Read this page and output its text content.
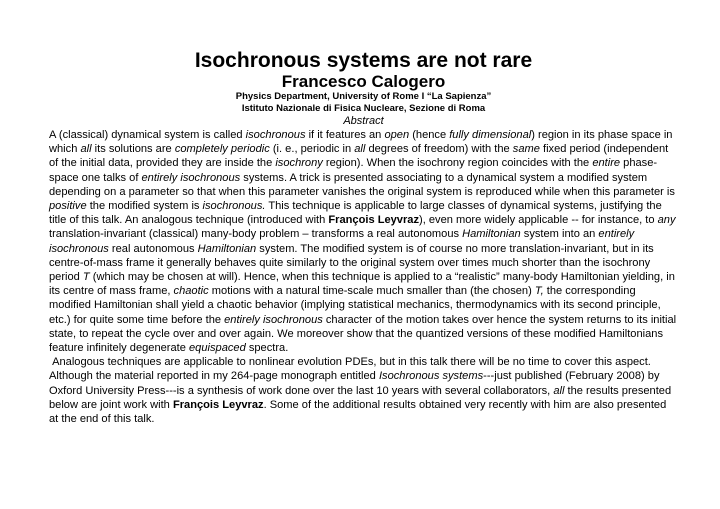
Isochronous systems are not rare
Francesco Calogero
Physics Department, University of Rome I “La Sapienza”
Istituto Nazionale di Fisica Nucleare, Sezione di Roma
Abstract

A (classical) dynamical system is called isochronous if it features an open (hence fully dimensional) region in its phase space in which all its solutions are completely periodic (i. e., periodic in all degrees of freedom) with the same fixed period (independent of the initial data, provided they are inside the isochrony region). When the isochrony region coincides with the entire phase-space one talks of entirely isochronous systems. A trick is presented associating to a dynamical system a modified system depending on a parameter so that when this parameter vanishes the original system is reproduced while when this parameter is positive the modified system is isochronous. This technique is applicable to large classes of dynamical systems, justifying the title of this talk. An analogous technique (introduced with François Leyvraz), even more widely applicable -- for instance, to any translation-invariant (classical) many-body problem – transforms a real autonomous Hamiltonian system into an entirely isochronous real autonomous Hamiltonian system. The modified system is of course no more translation-invariant, but in its centre-of-mass frame it generally behaves quite similarly to the original system over times much shorter than the isochrony period T (which may be chosen at will). Hence, when this technique is applied to a “realistic” many-body Hamiltonian yielding, in its centre of mass frame, chaotic motions with a natural time-scale much smaller than (the chosen) T, the corresponding modified Hamiltonian shall yield a chaotic behavior (implying statistical mechanics, thermodynamics with its second principle, etc.) for quite some time before the entirely isochronous character of the motion takes over hence the system returns to its initial state, to repeat the cycle over and over again. We moreover show that the quantized versions of these modified Hamiltonians feature infinitely degenerate equispaced spectra.

Analogous techniques are applicable to nonlinear evolution PDEs, but in this talk there will be no time to cover this aspect. Although the material reported in my 264-page monograph entitled Isochronous systems---just published (February 2008) by Oxford University Press---is a synthesis of work done over the last 10 years with several collaborators, all the results presented below are joint work with François Leyvraz. Some of the additional results obtained very recently with him are also presented at the end of this talk.
